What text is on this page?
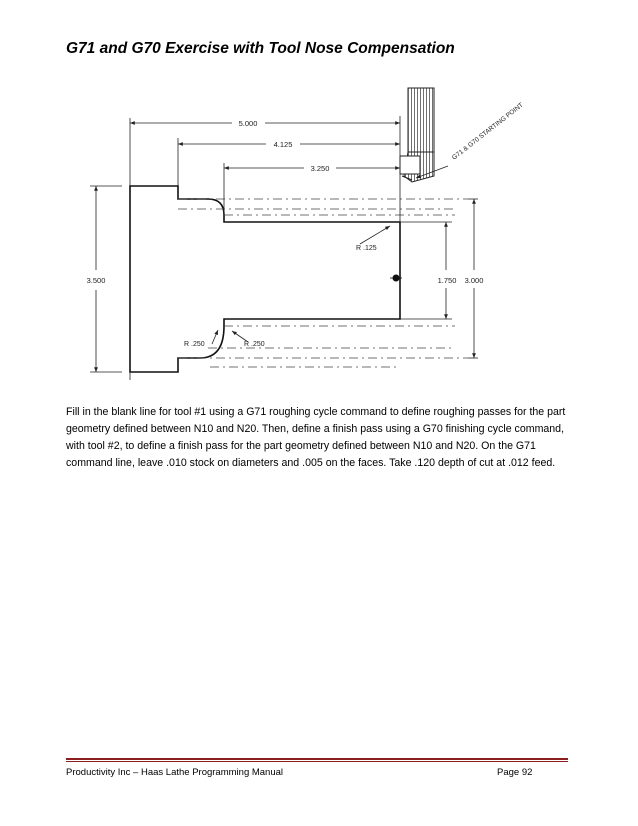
G71 and G70 Exercise with Tool Nose Compensation
5.000
4.125
3.250
3.500	1.750 3.000
R .125
R .250	R .250
G71 & G70 STARTING POINT

Fill in the blank line for tool #1 using a G71 roughing cycle command to define roughing passes for the part geometry defined between N10 and N20. Then, define a finish pass using a G70 finishing cycle command, with tool #2, to define a finish pass for the part geometry defined between N10 and N20. On the G71 command line, leave .010 stock on diameters and .005 on the faces. Take .120 depth of cut at .012 feed.

Productivity Inc – Haas Lathe Programming Manual	Page 92
